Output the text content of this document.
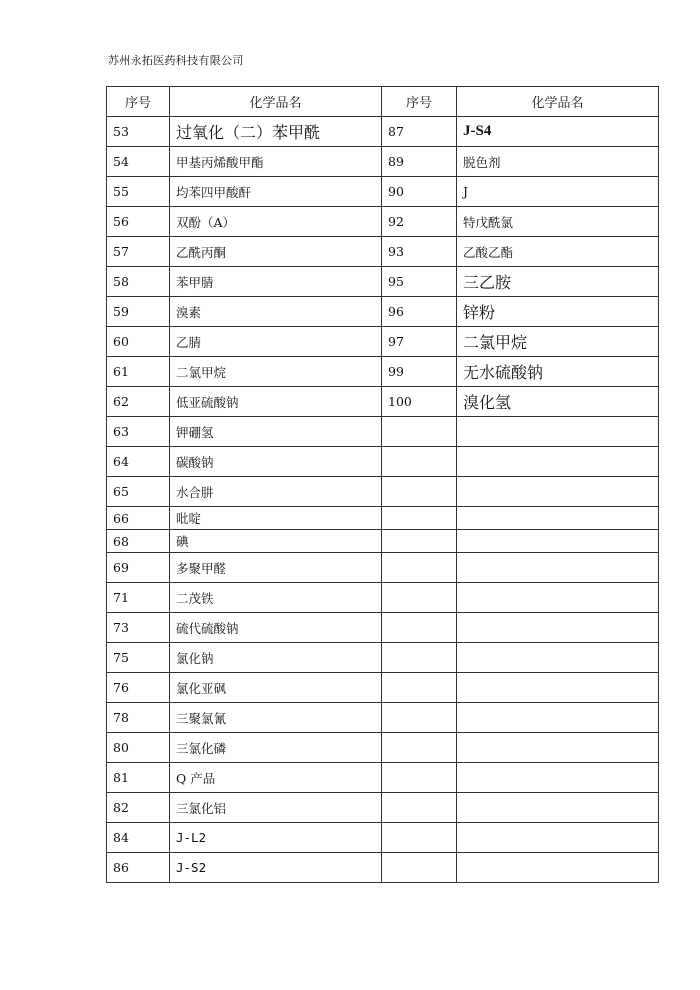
苏州永拓医药科技有限公司
序号	化学品名	序号	化学品名
53	过氧化（二）苯甲酰	87	J-S4
54	甲基丙烯酸甲酯	89	脱色剂
55	均苯四甲酸酐	90	J
56	双酚（A）	92	特戊酰氯
57	乙酰丙酮	93	乙酸乙酯
58	苯甲腈	95	三乙胺
59	溴素	96	锌粉
60	乙腈	97	二氯甲烷
61	二氯甲烷	99	无水硫酸钠
62	低亚硫酸钠	100	溴化氢
63	钾硼氢		
64	碳酸钠		
65	水合肼		
66	吡啶		
68	碘		
69	多聚甲醛		
71	二茂铁		
73	硫代硫酸钠		
75	氯化钠		
76	氯化亚砜		
78	三聚氯氰		
80	三氯化磷		
81	Q 产品		
82	三氯化铝		
84	J-L2		
86	J-S2		
